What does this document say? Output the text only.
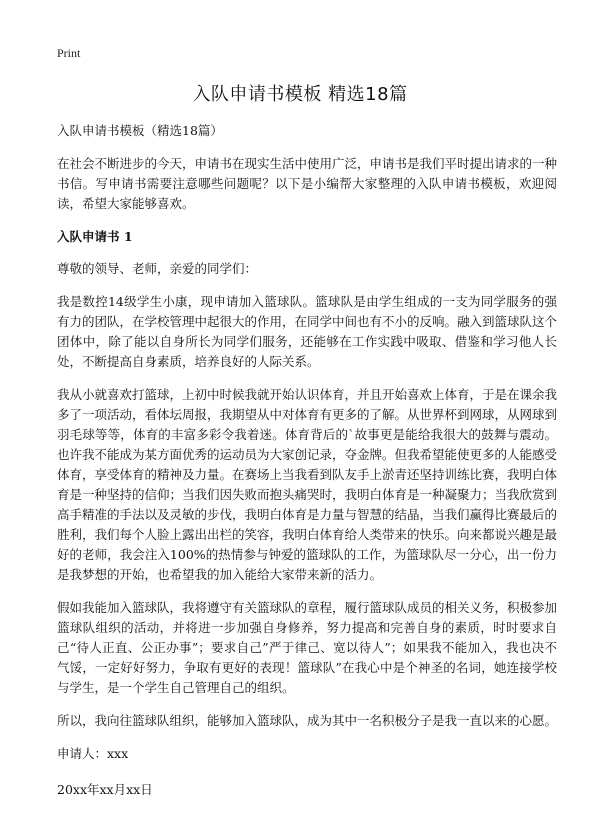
Print
入队申请书模板 精选18篇

入队申请书模板（精选18篇）

在社会不断进步的今天，申请书在现实生活中使用广泛，申请书是我们平时提出请求的一种书信。写申请书需要注意哪些问题呢？以下是小编帮大家整理的入队申请书模板，欢迎阅读，希望大家能够喜欢。

入队申请书 1

尊敬的领导、老师，亲爱的同学们：

我是数控14级学生小康，现申请加入篮球队。篮球队是由学生组成的一支为同学服务的强有力的团队，在学校管理中起很大的作用，在同学中间也有不小的反响。融入到篮球队这个团体中，除了能以自身所长为同学们服务，还能够在工作实践中吸取、借鉴和学习他人长处，不断提高自身素质，培养良好的人际关系。

我从小就喜欢打篮球，上初中时候我就开始认识体育，并且开始喜欢上体育，于是在课余我多了一项活动，看体坛周报，我期望从中对体育有更多的了解。从世界杯到网球，从网球到羽毛球等等，体育的丰富多彩令我着迷。体育背后的`故事更是能给我很大的鼓舞与震动。也许我不能成为某方面优秀的运动员为大家创记录，夺金牌。但我希望能使更多的人能感受体育，享受体育的精神及力量。在赛场上当我看到队友手上淤青还坚持训练比赛，我明白体育是一种坚持的信仰；当我们因失败而抱头痛哭时，我明白体育是一种凝聚力；当我欣赏到高手精准的手法以及灵敏的步伐，我明白体育是力量与智慧的结晶，当我们赢得比赛最后的胜利，我们每个人脸上露出出栏的笑容，我明白体育给人类带来的快乐。向来都说兴趣是最好的老师，我会注入100%的热情参与钟爱的篮球队的工作，为篮球队尽一分心，出一份力是我梦想的开始，也希望我的加入能给大家带来新的活力。

假如我能加入篮球队，我将遵守有关篮球队的章程，履行篮球队成员的相关义务，积极参加篮球队组织的活动，并将进一步加强自身修养，努力提高和完善自身的素质，时时要求自己“待人正直、公正办事”；要求自己”严于律己、宽以待人”；如果我不能加入，我也决不气馁，一定好好努力，争取有更好的表现！篮球队”在我心中是个神圣的名词，她连接学校与学生，是一个学生自己管理自己的组织。

所以，我向往篮球队组织，能够加入篮球队，成为其中一名积极分子是我一直以来的心愿。

申请人：xxx

20xx年xx月xx日
